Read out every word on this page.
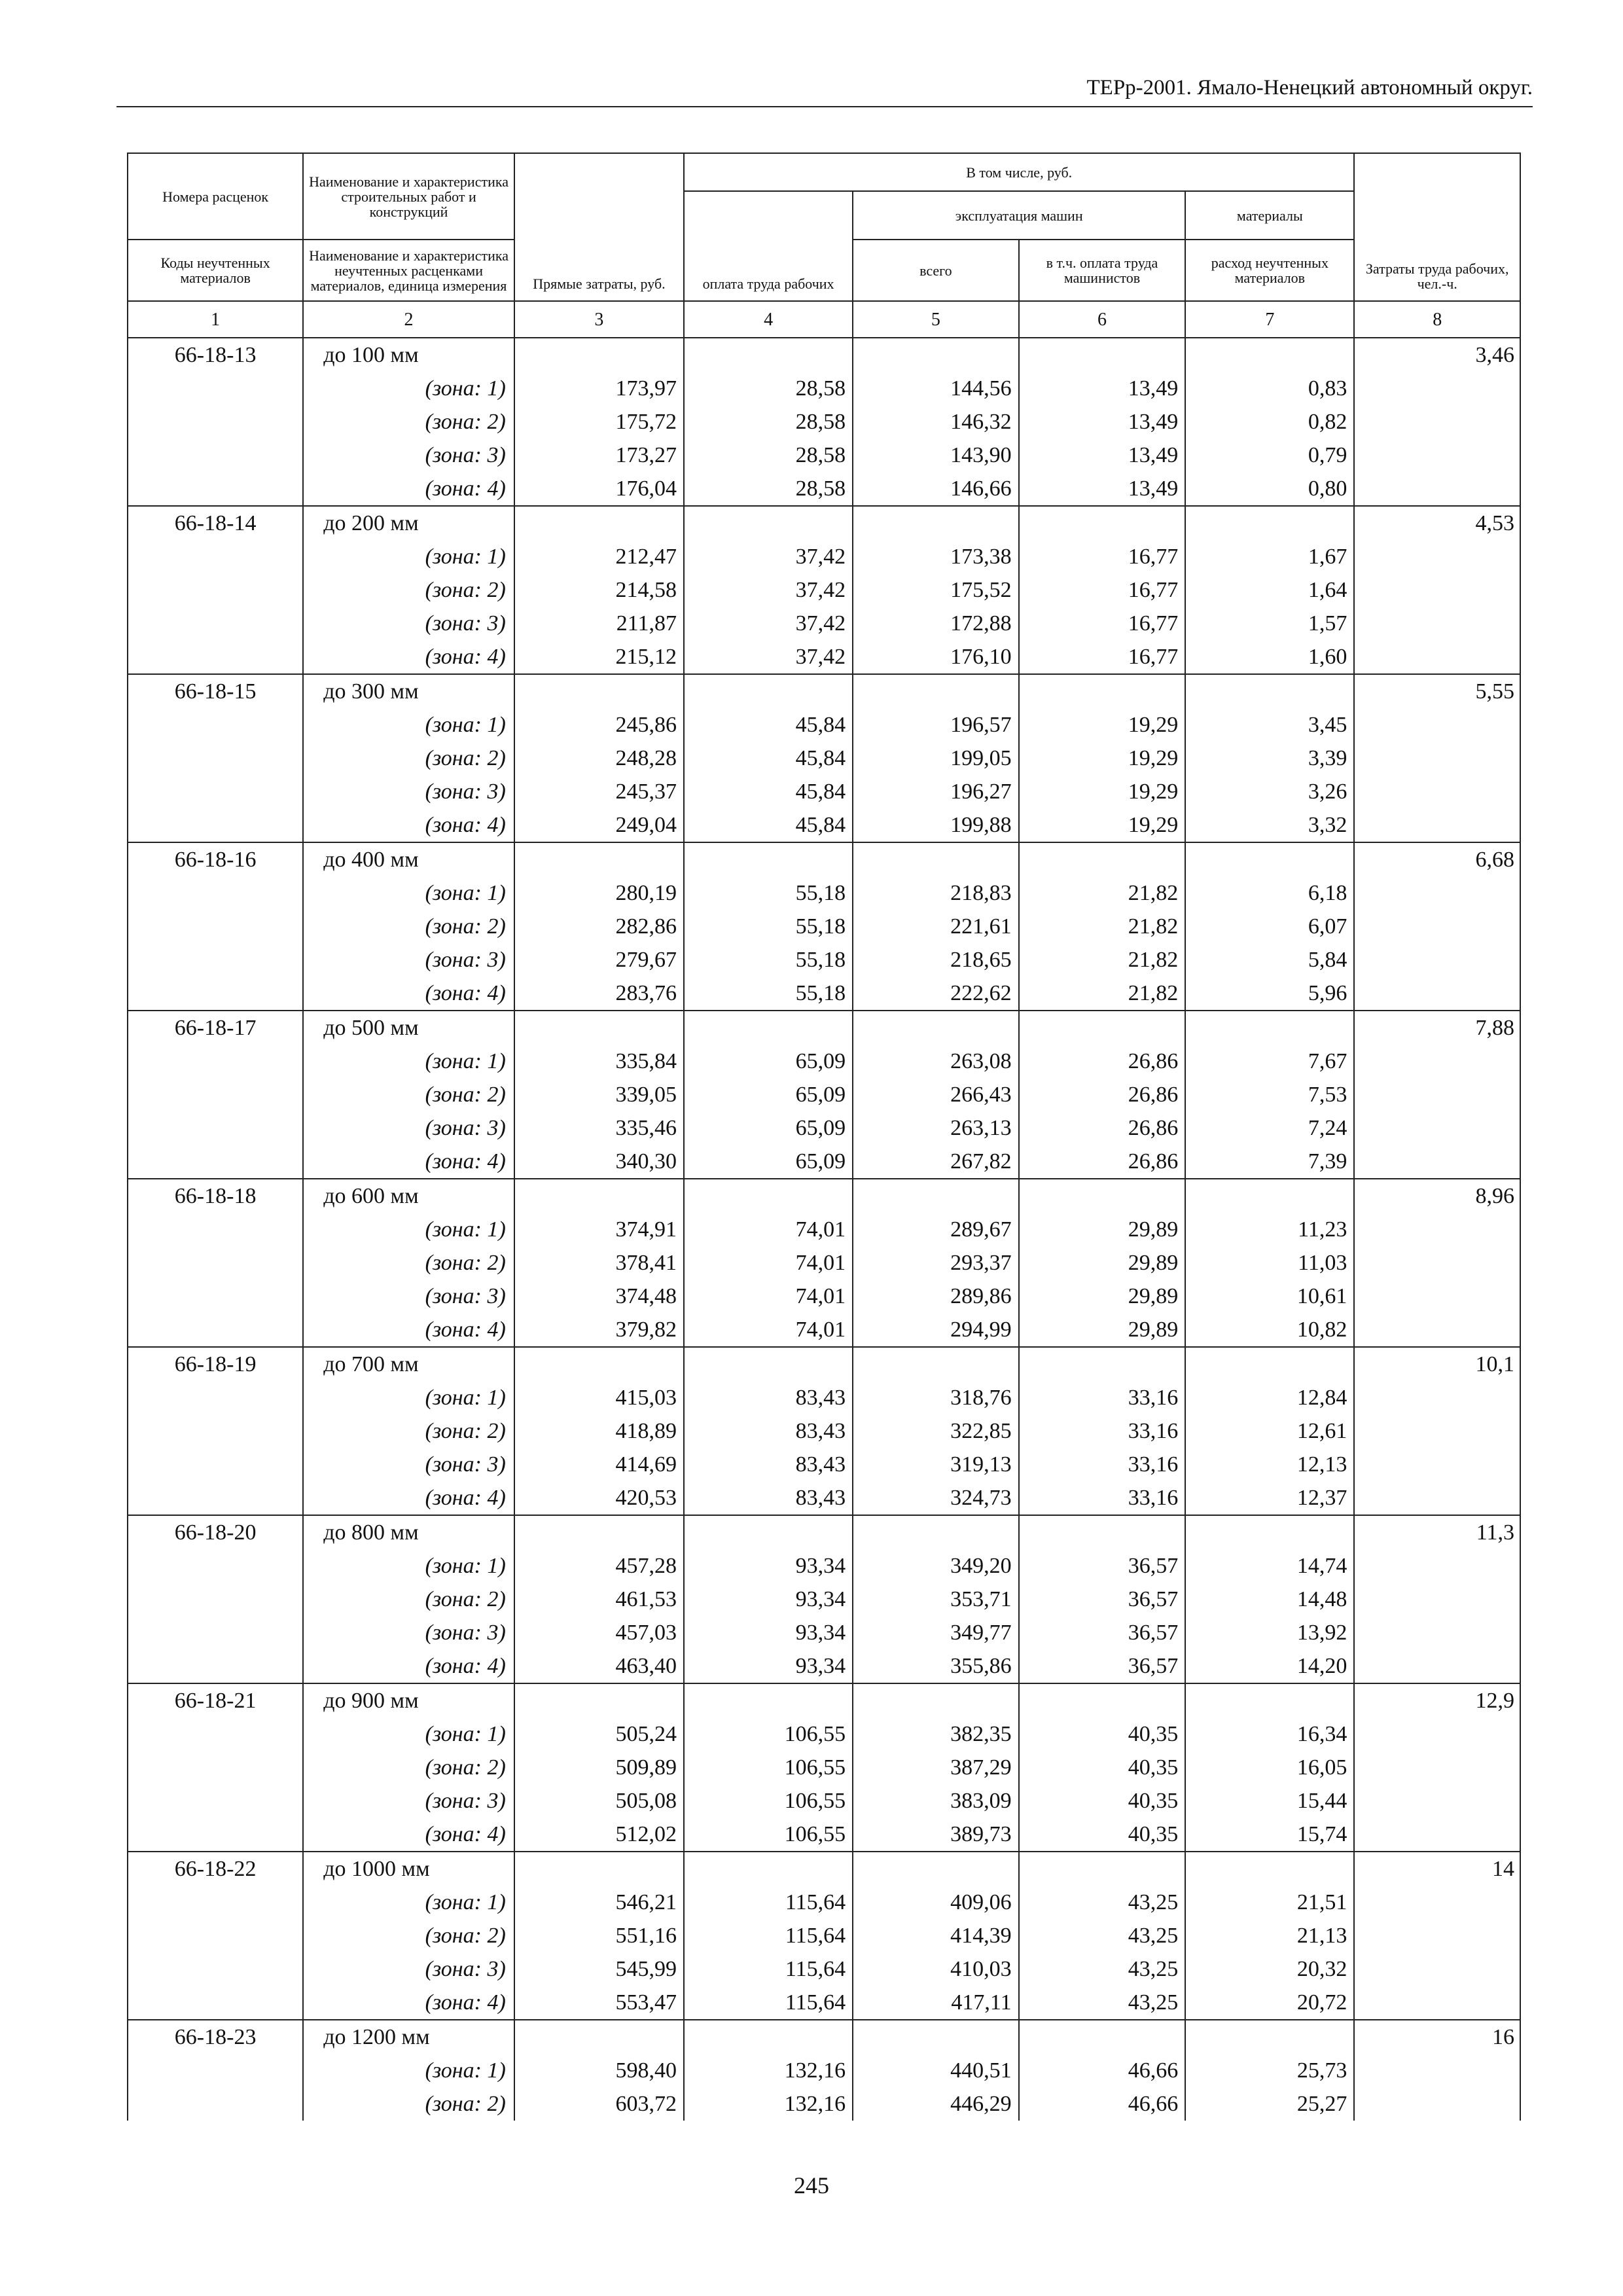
ТЕРр-2001. Ямало-Ненецкий автономный округ.
Номера расценок	Наименование и характеристика строительных работ и конструкций	Прямые затраты, руб.	В том числе, руб.				Затраты труда рабочих, чел.-ч.
			оплата труда рабочих	эксплуатация машин		материалы	
Коды неучтенных материалов	Наименование и характеристика неучтенных расценками материалов, единица измерения			всего	в т.ч. оплата труда машинистов	расход неучтенных материалов	
1	2	3	4	5	6	7	8
66-18-13	до 100 мм						3,46
	(зона: 1)	173,97	28,58	144,56	13,49	0,83	
	(зона: 2)	175,72	28,58	146,32	13,49	0,82	
	(зона: 3)	173,27	28,58	143,90	13,49	0,79	
	(зона: 4)	176,04	28,58	146,66	13,49	0,80	
66-18-14	до 200 мм						4,53
	(зона: 1)	212,47	37,42	173,38	16,77	1,67	
	(зона: 2)	214,58	37,42	175,52	16,77	1,64	
	(зона: 3)	211,87	37,42	172,88	16,77	1,57	
	(зона: 4)	215,12	37,42	176,10	16,77	1,60	
66-18-15	до 300 мм						5,55
	(зона: 1)	245,86	45,84	196,57	19,29	3,45	
	(зона: 2)	248,28	45,84	199,05	19,29	3,39	
	(зона: 3)	245,37	45,84	196,27	19,29	3,26	
	(зона: 4)	249,04	45,84	199,88	19,29	3,32	
66-18-16	до 400 мм						6,68
	(зона: 1)	280,19	55,18	218,83	21,82	6,18	
	(зона: 2)	282,86	55,18	221,61	21,82	6,07	
	(зона: 3)	279,67	55,18	218,65	21,82	5,84	
	(зона: 4)	283,76	55,18	222,62	21,82	5,96	
66-18-17	до 500 мм						7,88
	(зона: 1)	335,84	65,09	263,08	26,86	7,67	
	(зона: 2)	339,05	65,09	266,43	26,86	7,53	
	(зона: 3)	335,46	65,09	263,13	26,86	7,24	
	(зона: 4)	340,30	65,09	267,82	26,86	7,39	
66-18-18	до 600 мм						8,96
	(зона: 1)	374,91	74,01	289,67	29,89	11,23	
	(зона: 2)	378,41	74,01	293,37	29,89	11,03	
	(зона: 3)	374,48	74,01	289,86	29,89	10,61	
	(зона: 4)	379,82	74,01	294,99	29,89	10,82	
66-18-19	до 700 мм						10,1
	(зона: 1)	415,03	83,43	318,76	33,16	12,84	
	(зона: 2)	418,89	83,43	322,85	33,16	12,61	
	(зона: 3)	414,69	83,43	319,13	33,16	12,13	
	(зона: 4)	420,53	83,43	324,73	33,16	12,37	
66-18-20	до 800 мм						11,3
	(зона: 1)	457,28	93,34	349,20	36,57	14,74	
	(зона: 2)	461,53	93,34	353,71	36,57	14,48	
	(зона: 3)	457,03	93,34	349,77	36,57	13,92	
	(зона: 4)	463,40	93,34	355,86	36,57	14,20	
66-18-21	до 900 мм						12,9
	(зона: 1)	505,24	106,55	382,35	40,35	16,34	
	(зона: 2)	509,89	106,55	387,29	40,35	16,05	
	(зона: 3)	505,08	106,55	383,09	40,35	15,44	
	(зона: 4)	512,02	106,55	389,73	40,35	15,74	
66-18-22	до 1000 мм						14
	(зона: 1)	546,21	115,64	409,06	43,25	21,51	
	(зона: 2)	551,16	115,64	414,39	43,25	21,13	
	(зона: 3)	545,99	115,64	410,03	43,25	20,32	
	(зона: 4)	553,47	115,64	417,11	43,25	20,72	
66-18-23	до 1200 мм						16
	(зона: 1)	598,40	132,16	440,51	46,66	25,73	
	(зона: 2)	603,72	132,16	446,29	46,66	25,27	
245
